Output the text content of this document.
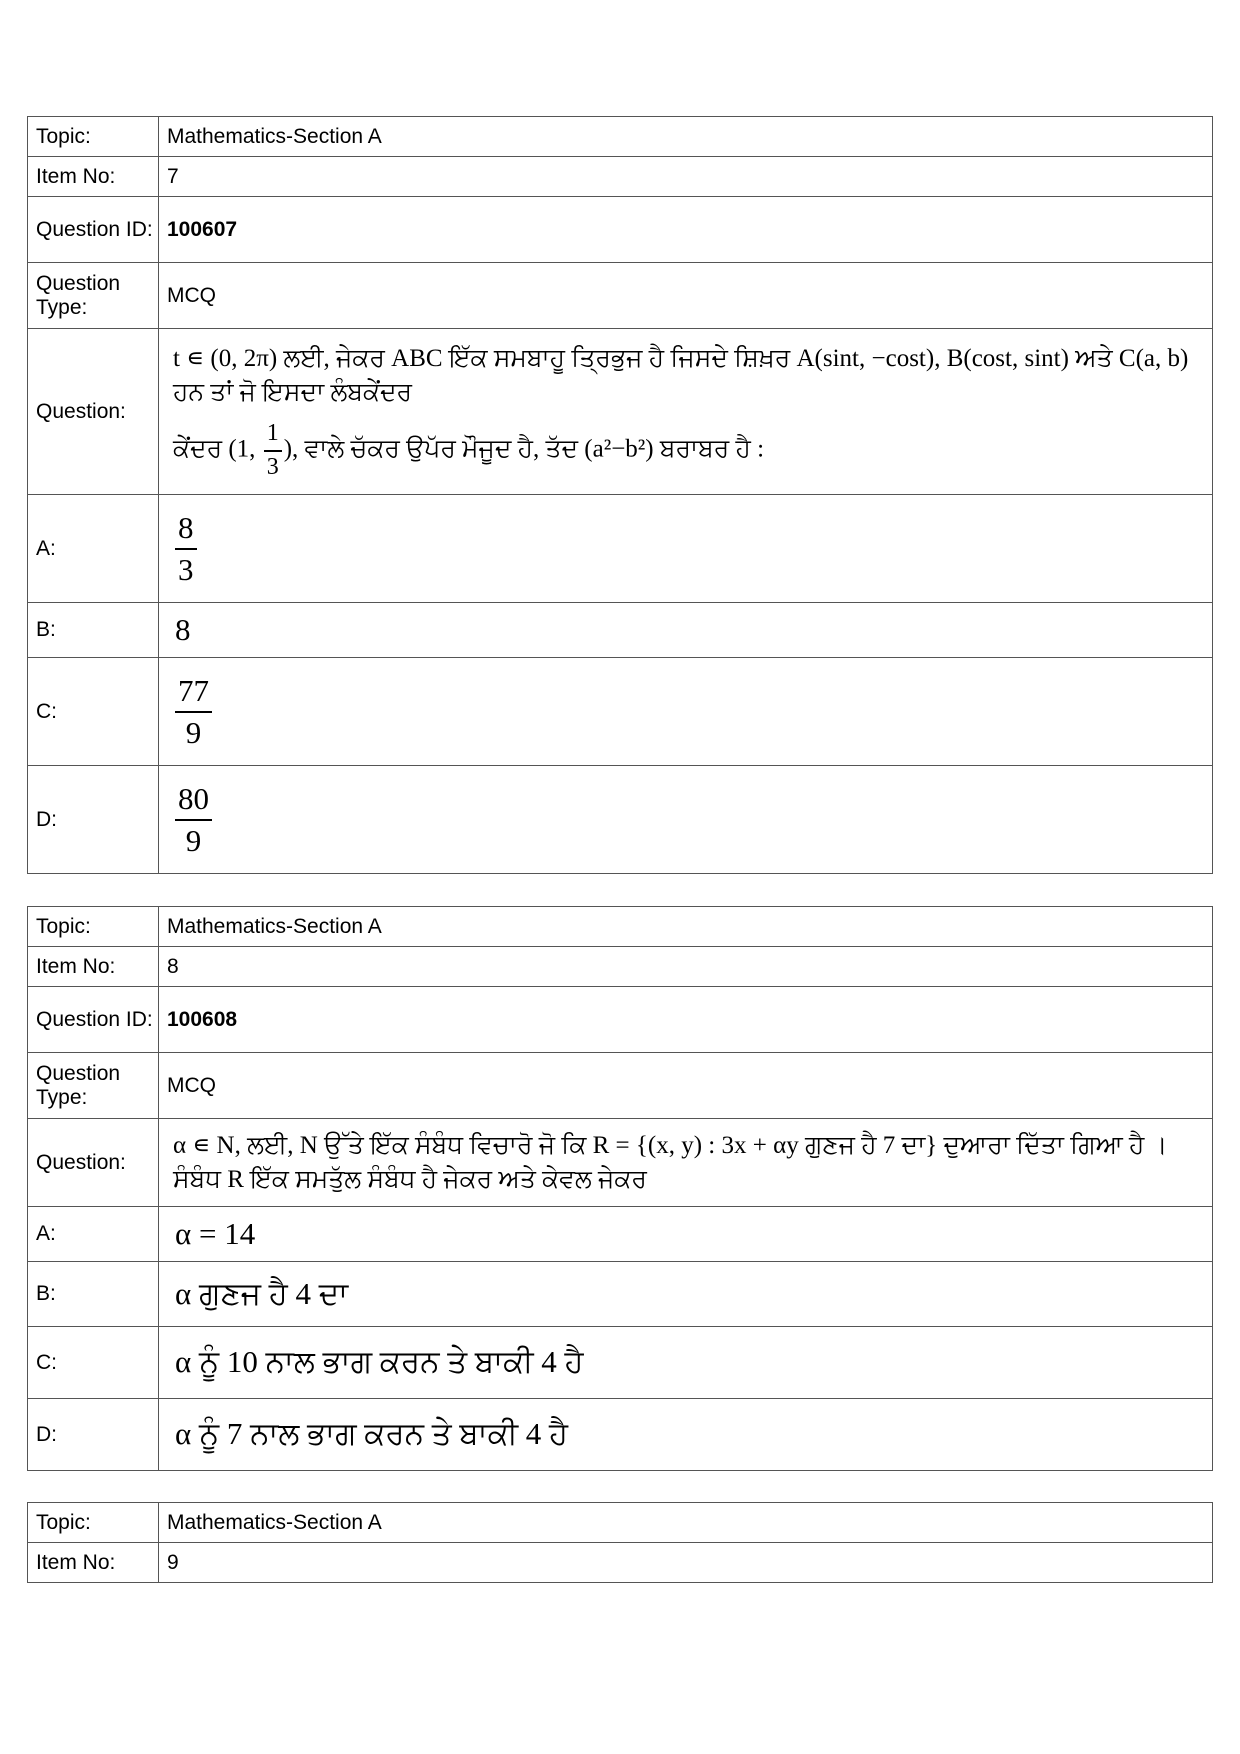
Topic:	Mathematics-Section A
Item No:	7
Question ID:	100607
Question Type:	MCQ
Question:	t ∊ (0, 2π) ਲਈ, ਜੇਕਰ ABC ਇੱਕ ਸਮਬਾਹੂ ਤ੍ਰਿਭੁਜ ਹੈ ਜਿਸਦੇ ਸ਼ਿਖ਼ਰ A(sint, −cost), B(cost, sint) ਅਤੇ C(a, b) ਹਨ ਤਾਂ ਜੋ ਇਸਦਾ ਲੰਬਕੇਂਦਰ
ਕੇਂਦਰ (1, $\frac{1}{3}$ ), ਵਾਲੇ ਚੱਕਰ ਉਪੱਰ ਮੌਜੂਦ ਹੈ, ਤੱਦ (a²−b²) ਬਰਾਬਰ ਹੈ :

A:	$\frac{8}{3}$

B:	8
C:	$\frac{77}{9}$

D:	$\frac{80}{9}$
Topic:	Mathematics-Section A
Item No:	8
Question ID:	100608
Question Type:	MCQ
Question:	α ∊ N, ਲਈ, N ਉੱਤੇ ਇੱਕ ਸੰਬੰਧ ਵਿਚਾਰੋ ਜੋ ਕਿ R = {(x, y) : 3x + αy ਗੁਣਜ ਹੈ 7 ਦਾ} ਦੁਆਰਾ ਦਿੱਤਾ ਗਿਆ ਹੈ । ਸੰਬੰਧ R ਇੱਕ ਸਮਤੁੱਲ ਸੰਬੰਧ ਹੈ ਜੇਕਰ ਅਤੇ ਕੇਵਲ ਜੇਕਰ
A:	α = 14
B:	α ਗੁਣਜ ਹੈ 4 ਦਾ
C:	α ਨੂੰ 10 ਨਾਲ ਭਾਗ ਕਰਨ ਤੇ ਬਾਕੀ 4 ਹੈ
D:	α ਨੂੰ 7 ਨਾਲ ਭਾਗ ਕਰਨ ਤੇ ਬਾਕੀ 4 ਹੈ
Topic:	Mathematics-Section A
Item No:	9
